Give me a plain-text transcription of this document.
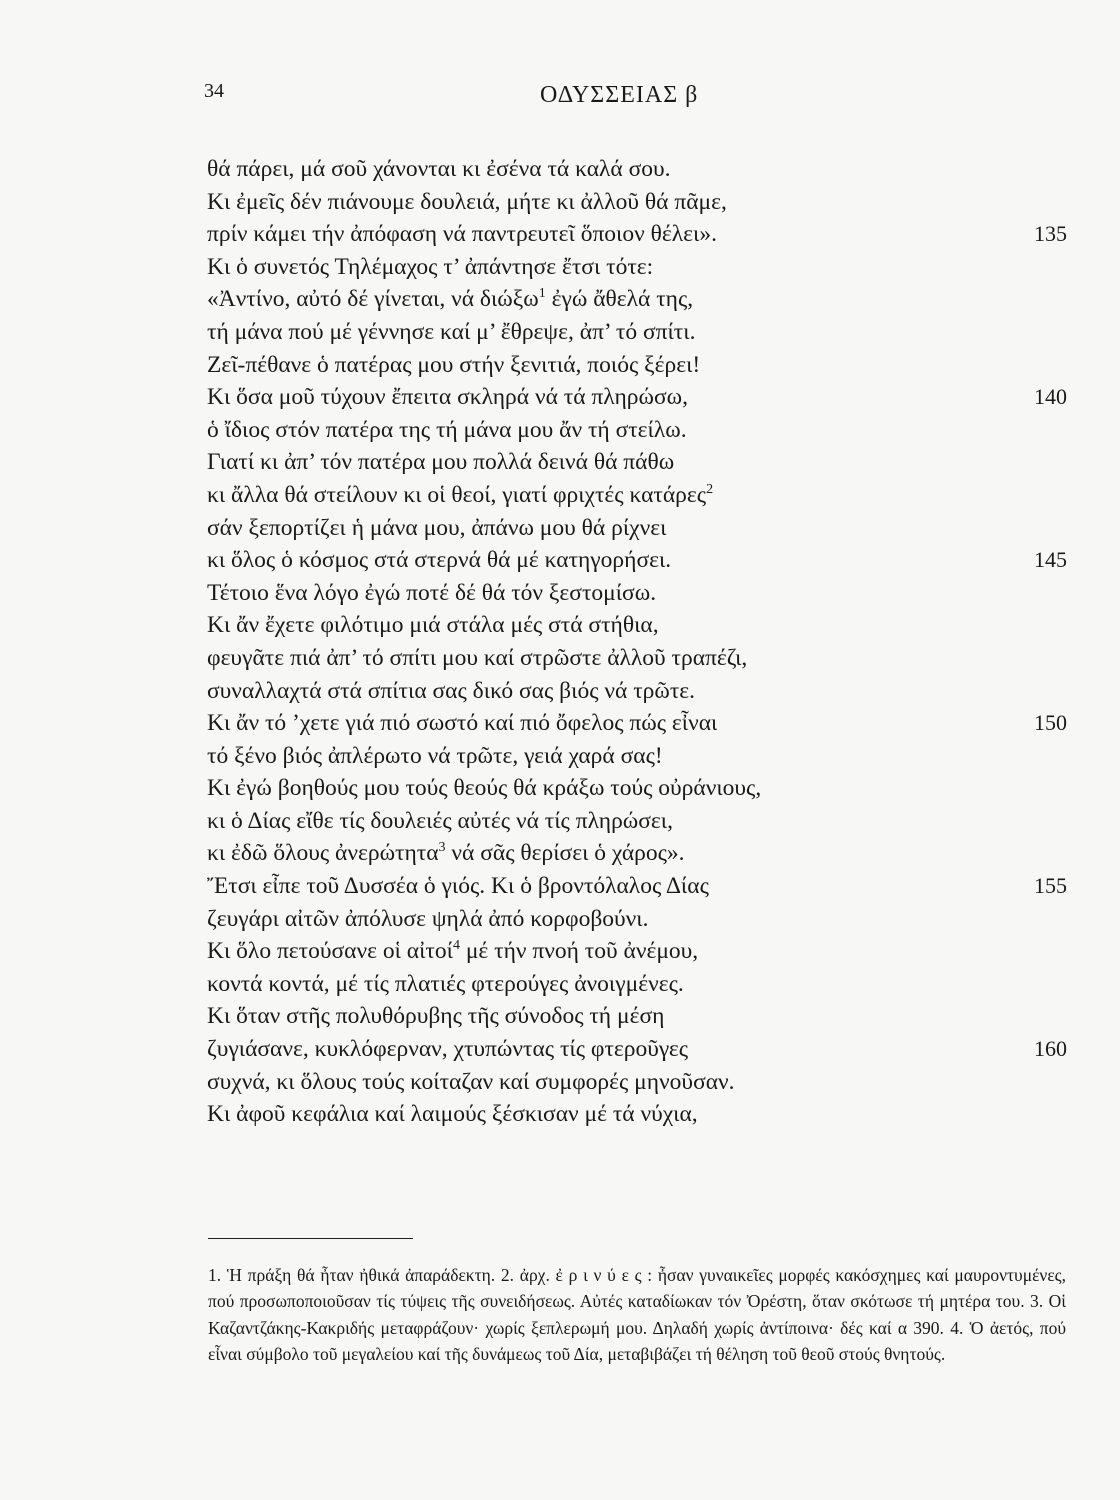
34	ΟΔΥΣΣΕΙΑΣ β
θά πάρει, μά σοῦ χάνονται κι ἐσένα τά καλά σου.
Κι ἐμεῖς δέν πιάνουμε δουλειά, μήτε κι ἀλλοῦ θά πᾶμε,
πρίν κάμει τήν ἀπόφαση νά παντρευτεῖ ὅποιον θέλει».	135
Κι ὁ συνετός Τηλέμαχος τ’ ἀπάντησε ἔτσι τότε:
«Ἀντίνο, αὐτό δέ γίνεται, νά διώξω$^1$ ἐγώ ἄθελά της,
τή μάνα πού μέ γέννησε καί μ’ ἔθρεψε, ἀπ’ τό σπίτι.
Ζεῖ-πέθανε ὁ πατέρας μου στήν ξενιτιά, ποιός ξέρει!
Κι ὅσα μοῦ τύχουν ἔπειτα σκληρά νά τά πληρώσω,	140
ὁ ἴδιος στόν πατέρα της τή μάνα μου ἄν τή στείλω.
Γιατί κι ἀπ’ τόν πατέρα μου πολλά δεινά θά πάθω
κι ἄλλα θά στείλουν κι οἱ θεοί, γιατί φριχτές κατάρες$^2$
σάν ξεπορτίζει ἡ μάνα μου, ἀπάνω μου θά ρίχνει
κι ὅλος ὁ κόσμος στά στερνά θά μέ κατηγορήσει.	145
Τέτοιο ἕνα λόγο ἐγώ ποτέ δέ θά τόν ξεστομίσω.
Κι ἄν ἔχετε φιλότιμο μιά στάλα μές στά στήθια,
φευγᾶτε πιά ἀπ’ τό σπίτι μου καί στρῶστε ἀλλοῦ τραπέζι,
συναλλαχτά στά σπίτια σας δικό σας βιός νά τρῶτε.
Κι ἄν τό ’χετε γιά πιό σωστό καί πιό ὄφελος πώς εἶναι	150
τό ξένο βιός ἀπλέρωτο νά τρῶτε, γειά χαρά σας!
Κι ἐγώ βοηθούς μου τούς θεούς θά κράξω τούς οὐράνιους,
κι ὁ Δίας εἴθε τίς δουλειές αὐτές νά τίς πληρώσει,
κι ἐδῶ ὅλους ἀνερώτητα$^3$ νά σᾶς θερίσει ὁ χάρος».
Ἔτσι εἶπε τοῦ Δυσσέα ὁ γιός. Κι ὁ βροντόλαλος Δίας	155
ζευγάρι αἰτῶν ἀπόλυσε ψηλά ἀπό κορφοβούνι.
Κι ὅλο πετούσανε οἱ αἰτοί$^4$ μέ τήν πνοή τοῦ ἀνέμου,
κοντά κοντά, μέ τίς πλατιές φτερούγες ἀνοιγμένες.
Κι ὅταν στῆς πολυθόρυβης τῆς σύνοδος τή μέση
ζυγιάσανε, κυκλόφερναν, χτυπώντας τίς φτεροῦγες	160
συχνά, κι ὅλους τούς κοίταζαν καί συμφορές μηνοῦσαν.
Κι ἀφοῦ κεφάλια καί λαιμούς ξέσκισαν μέ τά νύχια,

1. Ἡ πράξη θά ἦταν ἠθικά ἀπαράδεκτη. 2. ἀρχ. ἐ ρ ι ν ύ ε ς : ἦσαν γυναικεῖες μορφές κακόσχημες καί μαυροντυμένες, πού προσωποποιοῦσαν τίς τύψεις τῆς συνειδήσεως. Αὐτές καταδίωκαν τόν Ὀρέστη, ὅταν σκότωσε τή μητέρα του. 3. Οἱ Καζαντζάκης-Κακριδής μεταφράζουν· χωρίς ξεπλερωμή μου. Δηλαδή χωρίς ἀντίποινα· δές καί α 390. 4. Ὁ ἀετός, πού εἶναι σύμβολο τοῦ μεγαλείου καί τῆς δυνάμεως τοῦ Δία, μεταβιβάζει τή θέληση τοῦ θεοῦ στούς θνητούς.
